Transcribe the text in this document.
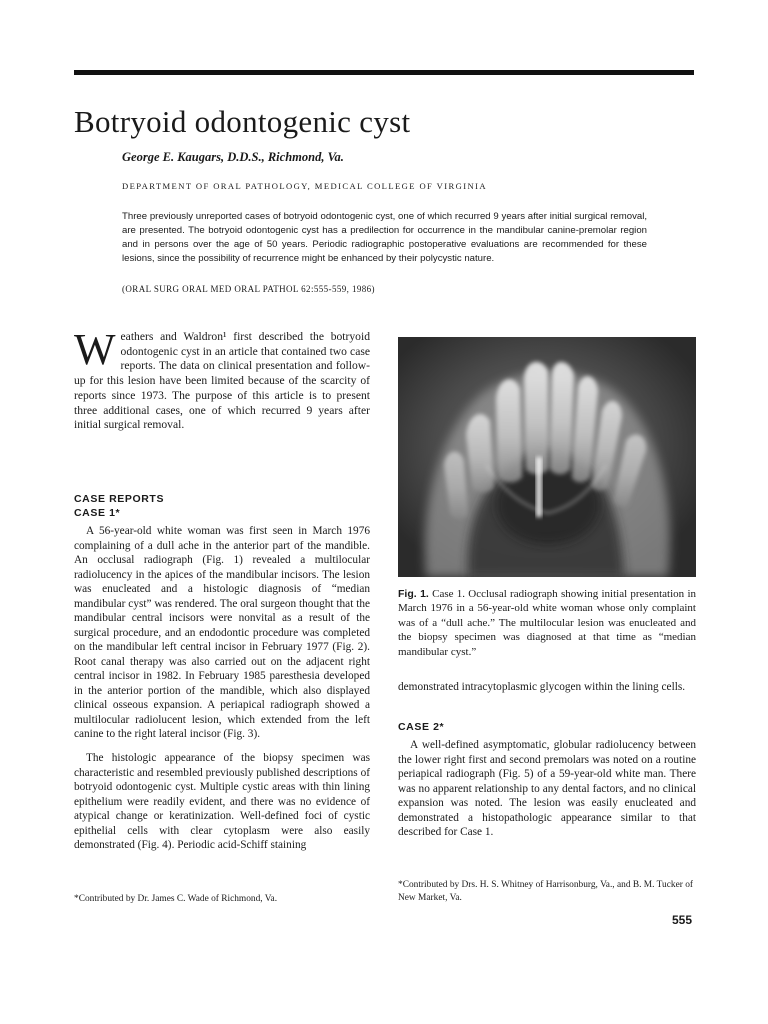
Botryoid odontogenic cyst
George E. Kaugars, D.D.S., Richmond, Va.
DEPARTMENT OF ORAL PATHOLOGY, MEDICAL COLLEGE OF VIRGINIA

Three previously unreported cases of botryoid odontogenic cyst, one of which recurred 9 years after initial surgical removal, are presented. The botryoid odontogenic cyst has a predilection for occurrence in the mandibular canine-premolar region and in persons over the age of 50 years. Periodic radiographic postoperative evaluations are recommended for these lesions, since the possibility of recurrence might be enhanced by their polycystic nature.

(ORAL SURG ORAL MED ORAL PATHOL 62:555-559, 1986)

Weathers and Waldron¹ first described the botryoid odontogenic cyst in an article that contained two case reports. The data on clinical presentation and follow-up for this lesion have been limited because of the scarcity of reports since 1973. The purpose of this article is to present three additional cases, one of which recurred 9 years after initial surgical removal.

CASE REPORTS
CASE 1*

A 56-year-old white woman was first seen in March 1976 complaining of a dull ache in the anterior part of the mandible. An occlusal radiograph (Fig. 1) revealed a multilocular radiolucency in the apices of the mandibular incisors. The lesion was enucleated and a histologic diagnosis of “median mandibular cyst” was rendered. The oral surgeon thought that the mandibular central incisors were nonvital as a result of the surgical procedure, and an endodontic procedure was completed on the mandibular left central incisor in February 1977 (Fig. 2). Root canal therapy was also carried out on the adjacent right central incisor in 1982. In February 1985 paresthesia developed in the anterior portion of the mandible, which also displayed clinical osseous expansion. A periapical radiograph showed a multilocular radiolucent lesion, which extended from the left canine to the right lateral incisor (Fig. 3).

The histologic appearance of the biopsy specimen was characteristic and resembled previously published descriptions of botryoid odontogenic cyst. Multiple cystic areas with thin lining epithelium were readily evident, and there was no evidence of atypical change or keratinization. Well-defined foci of cystic epithelial cells with clear cytoplasm were also easily demonstrated (Fig. 4). Periodic acid-Schiff staining

Fig. 1. Case 1. Occlusal radiograph showing initial presentation in March 1976 in a 56-year-old white woman whose only complaint was of a “dull ache.” The multilocular lesion was enucleated and the biopsy specimen was diagnosed at that time as “median mandibular cyst.”

demonstrated intracytoplasmic glycogen within the lining cells.

CASE 2*

A well-defined asymptomatic, globular radiolucency between the lower right first and second premolars was noted on a routine periapical radiograph (Fig. 5) of a 59-year-old white man. There was no apparent relationship to any dental factors, and no clinical expansion was noted. The lesion was easily enucleated and demonstrated a histopathologic appearance similar to that described for Case 1.

*Contributed by Dr. James C. Wade of Richmond, Va.

*Contributed by Drs. H. S. Whitney of Harrisonburg, Va., and B. M. Tucker of New Market, Va.

555
